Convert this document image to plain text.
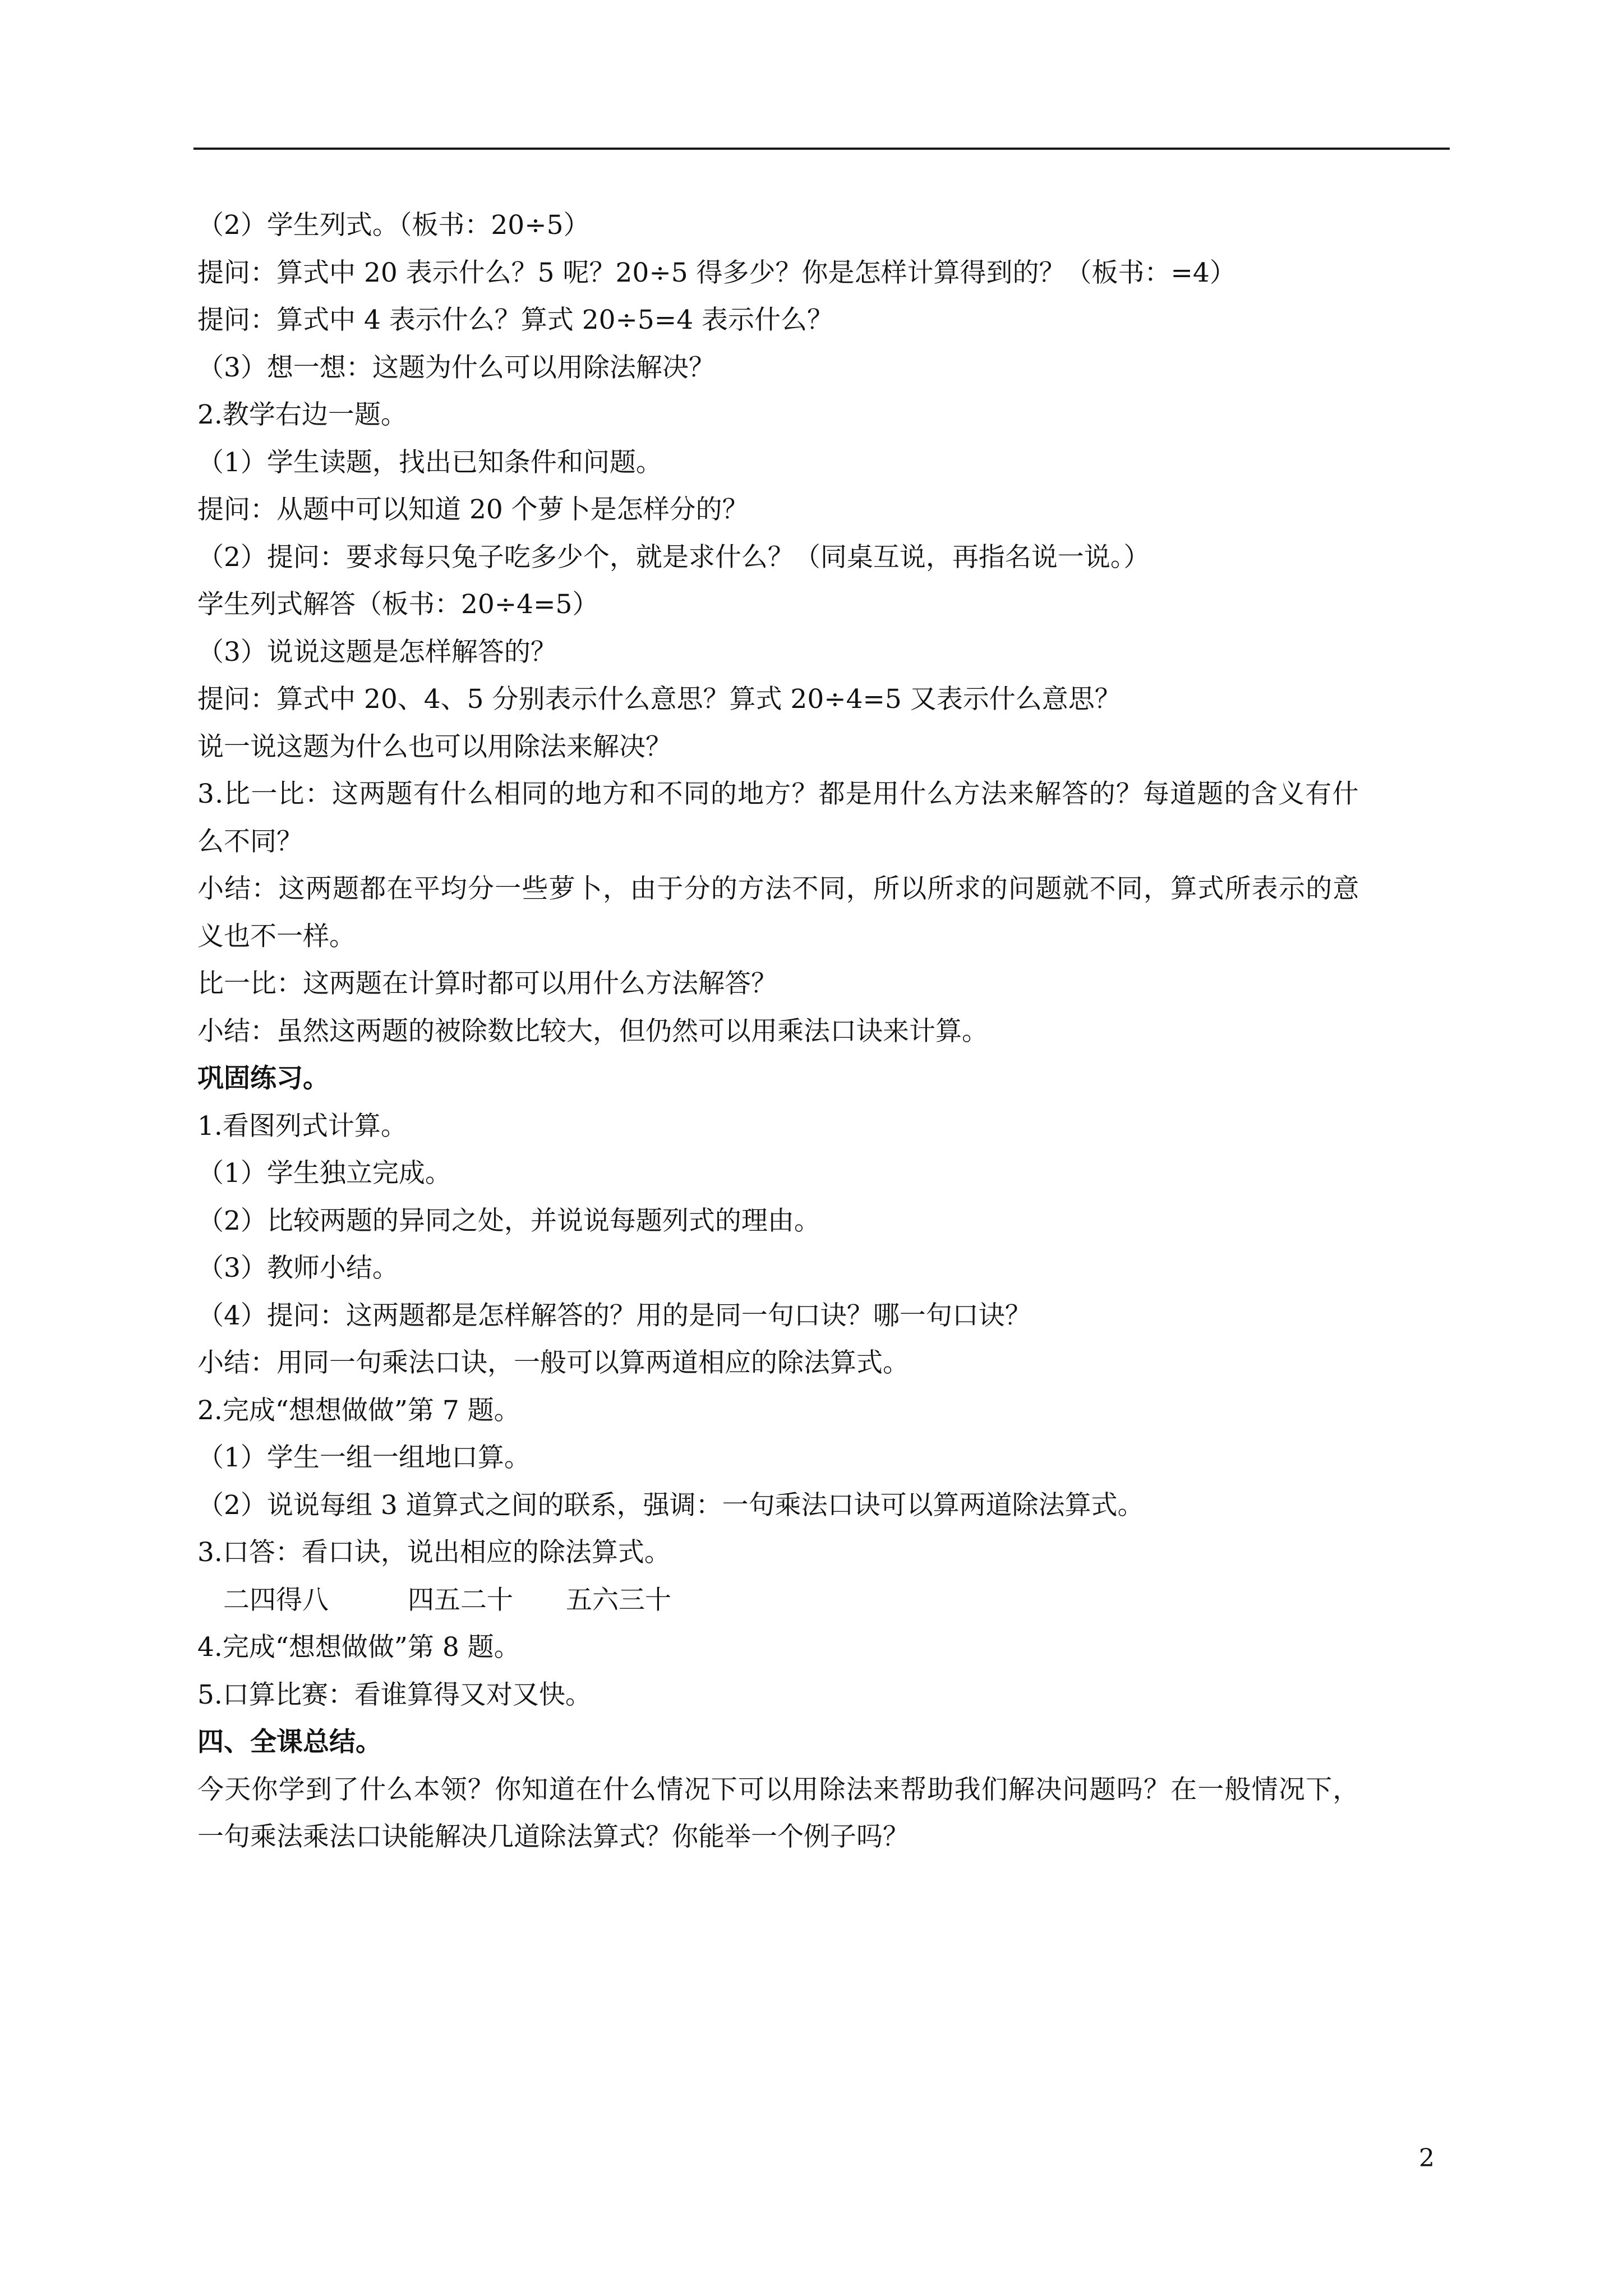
（2）学生列式。（板书：20÷5）
提问：算式中 20 表示什么？5 呢？20÷5 得多少？你是怎样计算得到的？（板书：=4）
提问：算式中 4 表示什么？算式 20÷5=4 表示什么？
（3）想一想：这题为什么可以用除法解决？
2.教学右边一题。
（1）学生读题，找出已知条件和问题。
提问：从题中可以知道 20 个萝卜是怎样分的？
（2）提问：要求每只兔子吃多少个，就是求什么？（同桌互说，再指名说一说。）
学生列式解答（板书：20÷4=5）
（3）说说这题是怎样解答的？
提问：算式中 20、4、5 分别表示什么意思？算式 20÷4=5 又表示什么意思？
说一说这题为什么也可以用除法来解决？
3.比一比：这两题有什么相同的地方和不同的地方？都是用什么方法来解答的？每道题的含义有什
么不同？
小结：这两题都在平均分一些萝卜，由于分的方法不同，所以所求的问题就不同，算式所表示的意
义也不一样。
比一比：这两题在计算时都可以用什么方法解答？
小结：虽然这两题的被除数比较大，但仍然可以用乘法口诀来计算。
巩固练习。
1.看图列式计算。
（1）学生独立完成。
（2）比较两题的异同之处，并说说每题列式的理由。
（3）教师小结。
（4）提问：这两题都是怎样解答的？用的是同一句口诀？哪一句口诀？
小结：用同一句乘法口诀，一般可以算两道相应的除法算式。
2.完成“想想做做”第 7 题。
（1）学生一组一组地口算。
（2）说说每组 3 道算式之间的联系，强调：一句乘法口诀可以算两道除法算式。
3.口答：看口诀，说出相应的除法算式。
二四得八　　　四五二十　　五六三十
4.完成“想想做做”第 8 题。
5.口算比赛：看谁算得又对又快。
四、全课总结。
今天你学到了什么本领？你知道在什么情况下可以用除法来帮助我们解决问题吗？在一般情况下，
一句乘法乘法口诀能解决几道除法算式？你能举一个例子吗？
2
